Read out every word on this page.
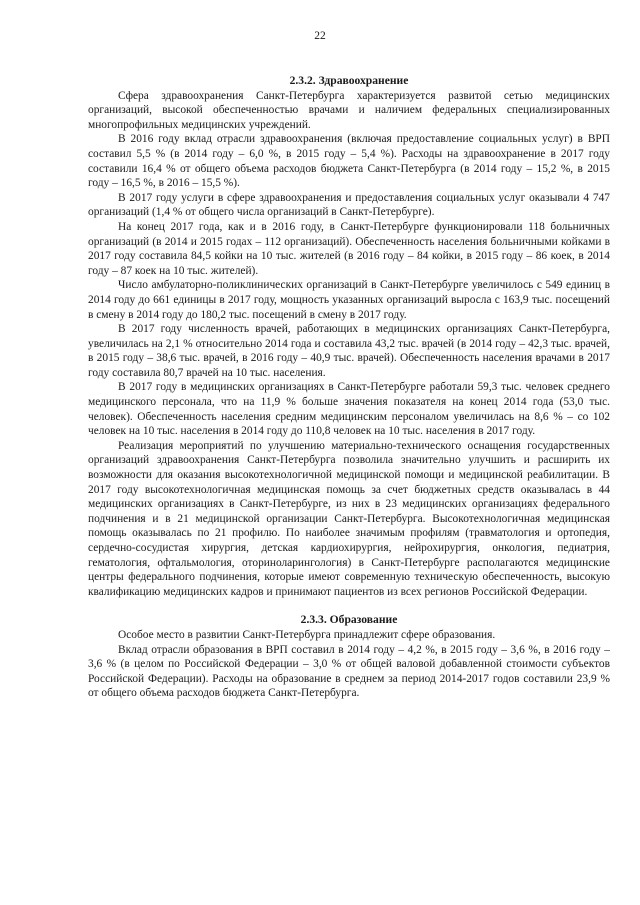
22

2.3.2. Здравоохранение

Сфера здравоохранения Санкт-Петербурга характеризуется развитой сетью медицинских организаций, высокой обеспеченностью врачами и наличием федеральных специализированных многопрофильных медицинских учреждений.

В 2016 году вклад отрасли здравоохранения (включая предоставление социальных услуг) в ВРП составил 5,5 % (в 2014 году – 6,0 %, в 2015 году – 5,4 %). Расходы на здравоохранение в 2017 году составили 16,4 % от общего объема расходов бюджета Санкт-Петербурга (в 2014 году – 15,2 %, в 2015 году – 16,5 %, в 2016 – 15,5 %).

В 2017 году услуги в сфере здравоохранения и предоставления социальных услуг оказывали 4 747 организаций (1,4 % от общего числа организаций в Санкт-Петербурге).

На конец 2017 года, как и в 2016 году, в Санкт-Петербурге функционировали 118 больничных организаций (в 2014 и 2015 годах – 112 организаций). Обеспеченность населения больничными койками в 2017 году составила 84,5 койки на 10 тыс. жителей (в 2016 году – 84 койки, в 2015 году – 86 коек, в 2014 году – 87 коек на 10 тыс. жителей).

Число амбулаторно-поликлинических организаций в Санкт-Петербурге увеличилось с 549 единиц в 2014 году до 661 единицы в 2017 году, мощность указанных организаций выросла с 163,9 тыс. посещений в смену в 2014 году до 180,2 тыс. посещений в смену в 2017 году.

В 2017 году численность врачей, работающих в медицинских организациях Санкт-Петербурга, увеличилась на 2,1 % относительно 2014 года и составила 43,2 тыс. врачей (в 2014 году – 42,3 тыс. врачей, в 2015 году – 38,6 тыс. врачей, в 2016 году – 40,9 тыс. врачей). Обеспеченность населения врачами в 2017 году составила 80,7 врачей на 10 тыс. населения.

В 2017 году в медицинских организациях в Санкт-Петербурге работали 59,3 тыс. человек среднего медицинского персонала, что на 11,9 % больше значения показателя на конец 2014 года (53,0 тыс. человек). Обеспеченность населения средним медицинским персоналом увеличилась на 8,6 % – со 102 человек на 10 тыс. населения в 2014 году до 110,8 человек на 10 тыс. населения в 2017 году.

Реализация мероприятий по улучшению материально-технического оснащения государственных организаций здравоохранения Санкт-Петербурга позволила значительно улучшить и расширить их возможности для оказания высокотехнологичной медицинской помощи и медицинской реабилитации. В 2017 году высокотехнологичная медицинская помощь за счет бюджетных средств оказывалась в 44 медицинских организациях в Санкт-Петербурге, из них в 23 медицинских организациях федерального подчинения и в 21 медицинской организации Санкт-Петербурга. Высокотехнологичная медицинская помощь оказывалась по 21 профилю. По наиболее значимым профилям (травматология и ортопедия, сердечно-сосудистая хирургия, детская кардиохирургия, нейрохирургия, онкология, педиатрия, гематология, офтальмология, оториноларингология) в Санкт-Петербурге располагаются медицинские центры федерального подчинения, которые имеют современную техническую обеспеченность, высокую квалификацию медицинских кадров и принимают пациентов из всех регионов Российской Федерации.

2.3.3. Образование

Особое место в развитии Санкт-Петербурга принадлежит сфере образования.

Вклад отрасли образования в ВРП составил в 2014 году – 4,2 %, в 2015 году – 3,6 %, в 2016 году – 3,6 % (в целом по Российской Федерации – 3,0 % от общей валовой добавленной стоимости субъектов Российской Федерации). Расходы на образование в среднем за период 2014-2017 годов составили 23,9 % от общего объема расходов бюджета Санкт-Петербурга.
